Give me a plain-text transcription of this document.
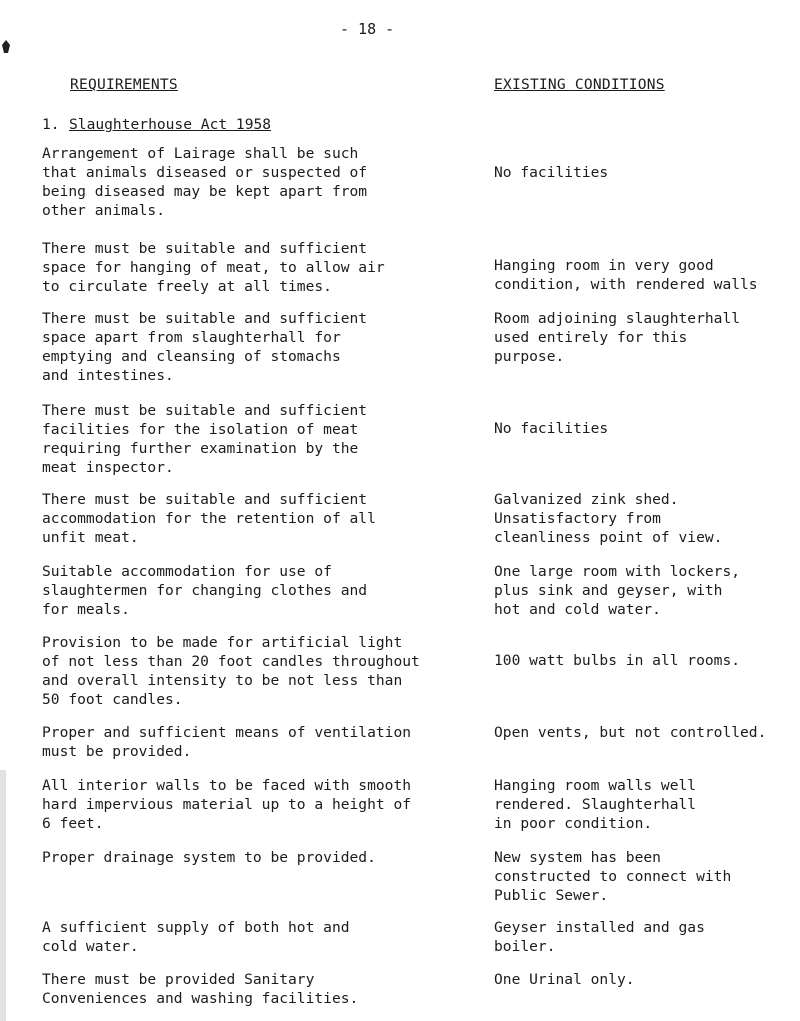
- 18 -
REQUIREMENTS	EXISTING CONDITIONS
1. Slaughterhouse Act 1958
Arrangement of Lairage shall be such
that animals diseased or suspected of
being diseased may be kept apart from
other animals.
No facilities
There must be suitable and sufficient
space for hanging of meat, to allow air
to circulate freely at all times.
Hanging room in very good
condition, with rendered walls
There must be suitable and sufficient
space apart from slaughterhall for
emptying and cleansing of stomachs
and intestines.
Room adjoining slaughterhall
used entirely for this
purpose.
There must be suitable and sufficient
facilities for the isolation of meat
requiring further examination by the
meat inspector.
No facilities
There must be suitable and sufficient
accommodation for the retention of all
unfit meat.
Galvanized zink shed.
Unsatisfactory from
cleanliness point of view.
Suitable accommodation for use of
slaughtermen for changing clothes and
for meals.
One large room with lockers,
plus sink and geyser, with
hot and cold water.
Provision to be made for artificial light
of not less than 20 foot candles throughout
and overall intensity to be not less than
50 foot candles.
100 watt bulbs in all rooms.
Proper and sufficient means of ventilation
must be provided.
Open vents, but not controlled.
All interior walls to be faced with smooth
hard impervious material up to a height of
6 feet.
Hanging room walls well
rendered. Slaughterhall
in poor condition.
Proper drainage system to be provided.	New system has been
constructed to connect with
Public Sewer.
A sufficient supply of both hot and
cold water.
Geyser installed and gas
boiler.
There must be provided Sanitary
Conveniences and washing facilities.
One Urinal only.
